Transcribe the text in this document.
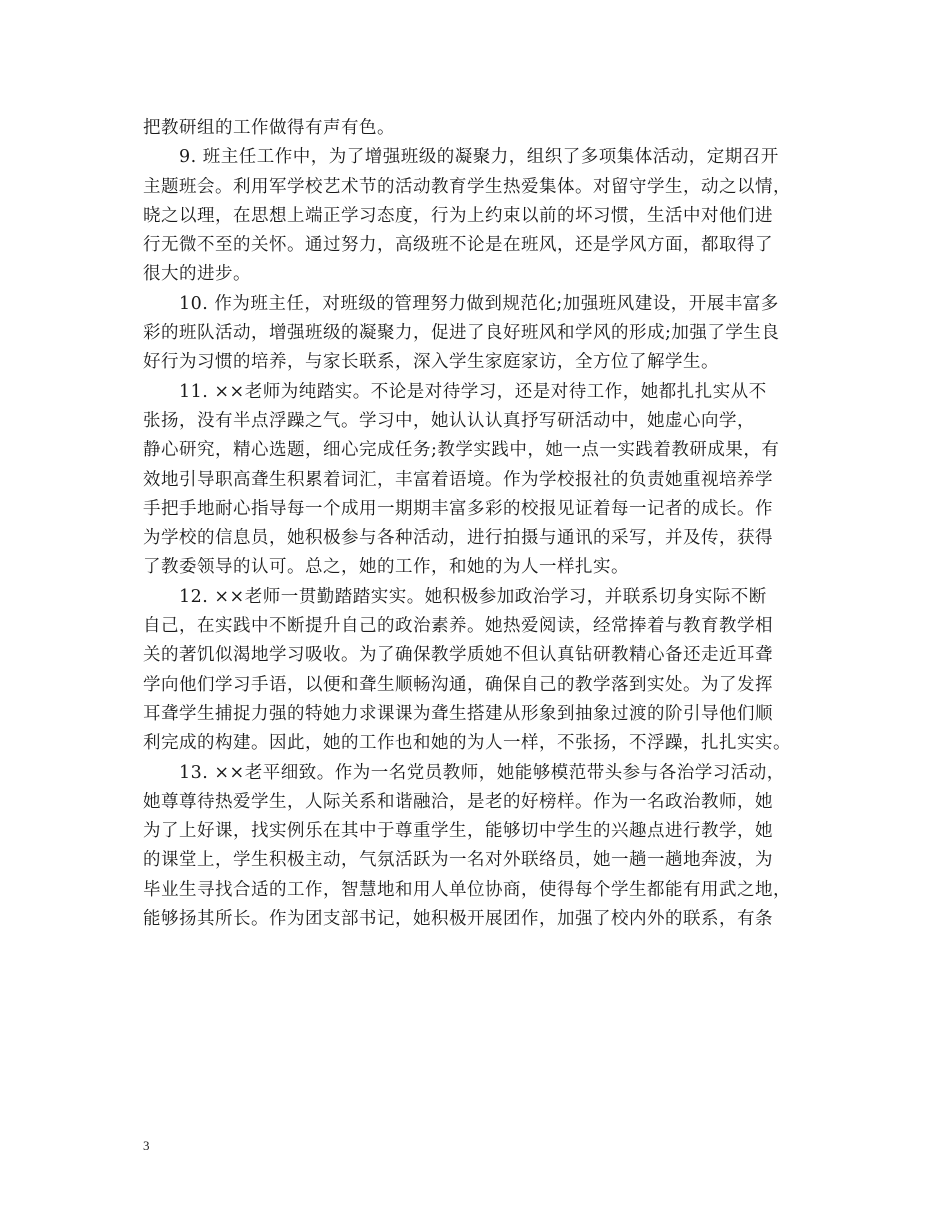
把教研组的工作做得有声有色。
9. 班主任工作中，为了增强班级的凝聚力，组织了多项集体活动，定期召开
主题班会。利用军学校艺术节的活动教育学生热爱集体。对留守学生，动之以情，
晓之以理，在思想上端正学习态度，行为上约束以前的坏习惯，生活中对他们进
行无微不至的关怀。通过努力，高级班不论是在班风，还是学风方面，都取得了
很大的进步。
10. 作为班主任，对班级的管理努力做到规范化;加强班风建设，开展丰富多
彩的班队活动，增强班级的凝聚力，促进了良好班风和学风的形成;加强了学生良
好行为习惯的培养，与家长联系，深入学生家庭家访，全方位了解学生。
11. ××老师为纯踏实。不论是对待学习，还是对待工作，她都扎扎实从不
张扬，没有半点浮躁之气。学习中，她认认认真抒写研活动中，她虚心向学，
静心研究，精心选题，细心完成任务;教学实践中，她一点一实践着教研成果，有
效地引导职高聋生积累着词汇，丰富着语境。作为学校报社的负责她重视培养学
手把手地耐心指导每一个成用一期期丰富多彩的校报见证着每一记者的成长。作
为学校的信息员，她积极参与各种活动，进行拍摄与通讯的采写，并及传，获得
了教委领导的认可。总之，她的工作，和她的为人一样扎实。
12. ××老师一贯勤踏踏实实。她积极参加政治学习，并联系切身实际不断
自己，在实践中不断提升自己的政治素养。她热爱阅读，经常捧着与教育教学相
关的著饥似渴地学习吸收。为了确保教学质她不但认真钻研教精心备还走近耳聋
学向他们学习手语，以便和聋生顺畅沟通，确保自己的教学落到实处。为了发挥
耳聋学生捕捉力强的特她力求课课为聋生搭建从形象到抽象过渡的阶引导他们顺
利完成的构建。因此，她的工作也和她的为人一样，不张扬，不浮躁，扎扎实实。
13. ××老平细致。作为一名党员教师，她能够模范带头参与各治学习活动，
她尊尊待热爱学生，人际关系和谐融洽，是老的好榜样。作为一名政治教师，她
为了上好课，找实例乐在其中于尊重学生，能够切中学生的兴趣点进行教学，她
的课堂上，学生积极主动，气氛活跃为一名对外联络员，她一趟一趟地奔波，为
毕业生寻找合适的工作，智慧地和用人单位协商，使得每个学生都能有用武之地，
能够扬其所长。作为团支部书记，她积极开展团作，加强了校内外的联系，有条
3
